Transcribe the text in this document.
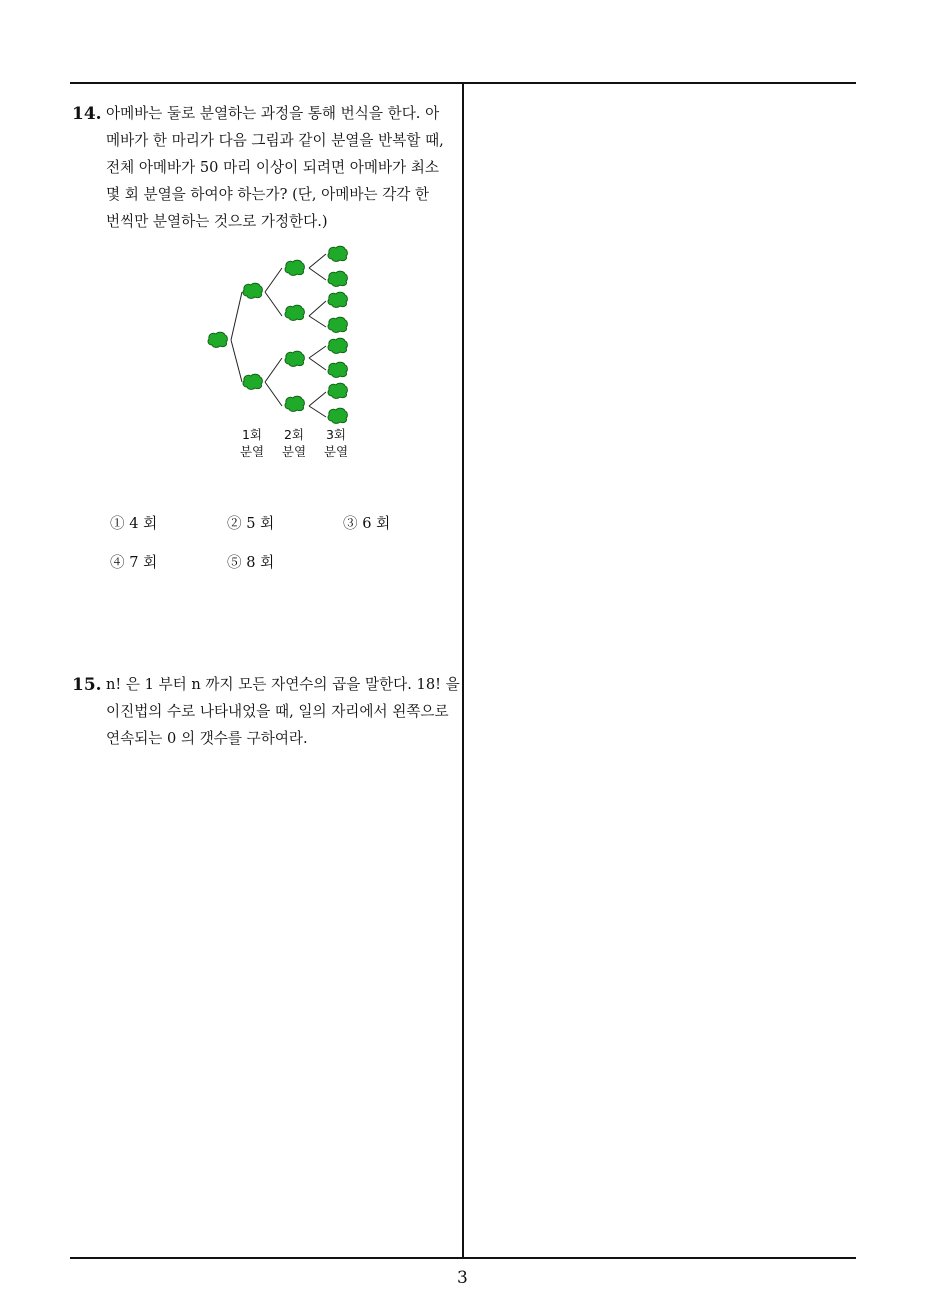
14. 아메바는 둘로 분열하는 과정을 통해 번식을 한다. 아
메바가 한 마리가 다음 그림과 같이 분열을 반복할 때,
전체 아메바가 50 마리 이상이 되려면 아메바가 최소
몇 회 분열을 하여야 하는가? (단, 아메바는 각각 한
번씩만 분열하는 것으로 가정한다.)
1회
분열
2회
분열
3회
분열
① 4 회	② 5 회	③ 6 회
④ 7 회	⑤ 8 회
15. n! 은 1 부터 n 까지 모든 자연수의 곱을 말한다. 18! 을
이진법의 수로 나타내었을 때, 일의 자리에서 왼쪽으로
연속되는 0 의 갯수를 구하여라.
3
